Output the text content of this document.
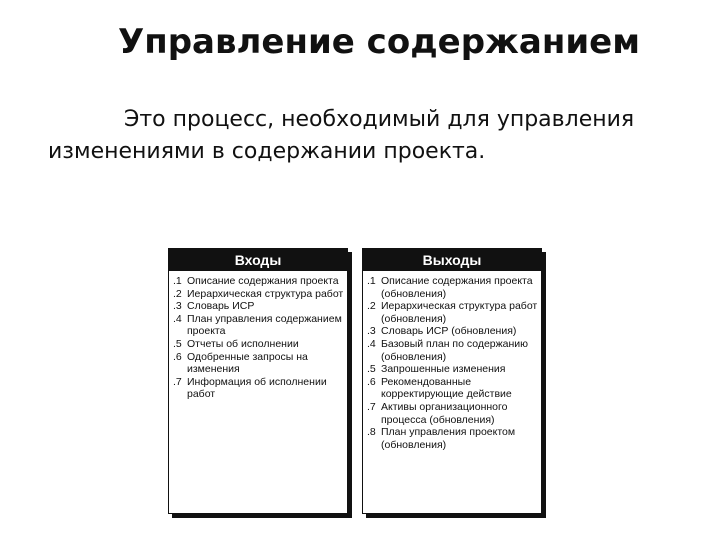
Управление содержанием
Это процесс, необходимый для управления изменениями в содержании проекта.
Входы
.1 Описание содержания проекта
.2 Иерархическая структура работ
.3 Словарь ИСР
.4 План управления содержанием проекта
.5 Отчеты об исполнении
.6 Одобренные запросы на изменения
.7 Информация об исполнении работ
Выходы
.1 Описание содержания проекта (обновления)
.2 Иерархическая структура работ (обновления)
.3 Словарь ИСР (обновления)
.4 Базовый план по содержанию (обновления)
.5 Запрошенные изменения
.6 Рекомендованные корректирующие действие
.7 Активы организационного процесса (обновления)
.8 План управления проектом (обновления)
